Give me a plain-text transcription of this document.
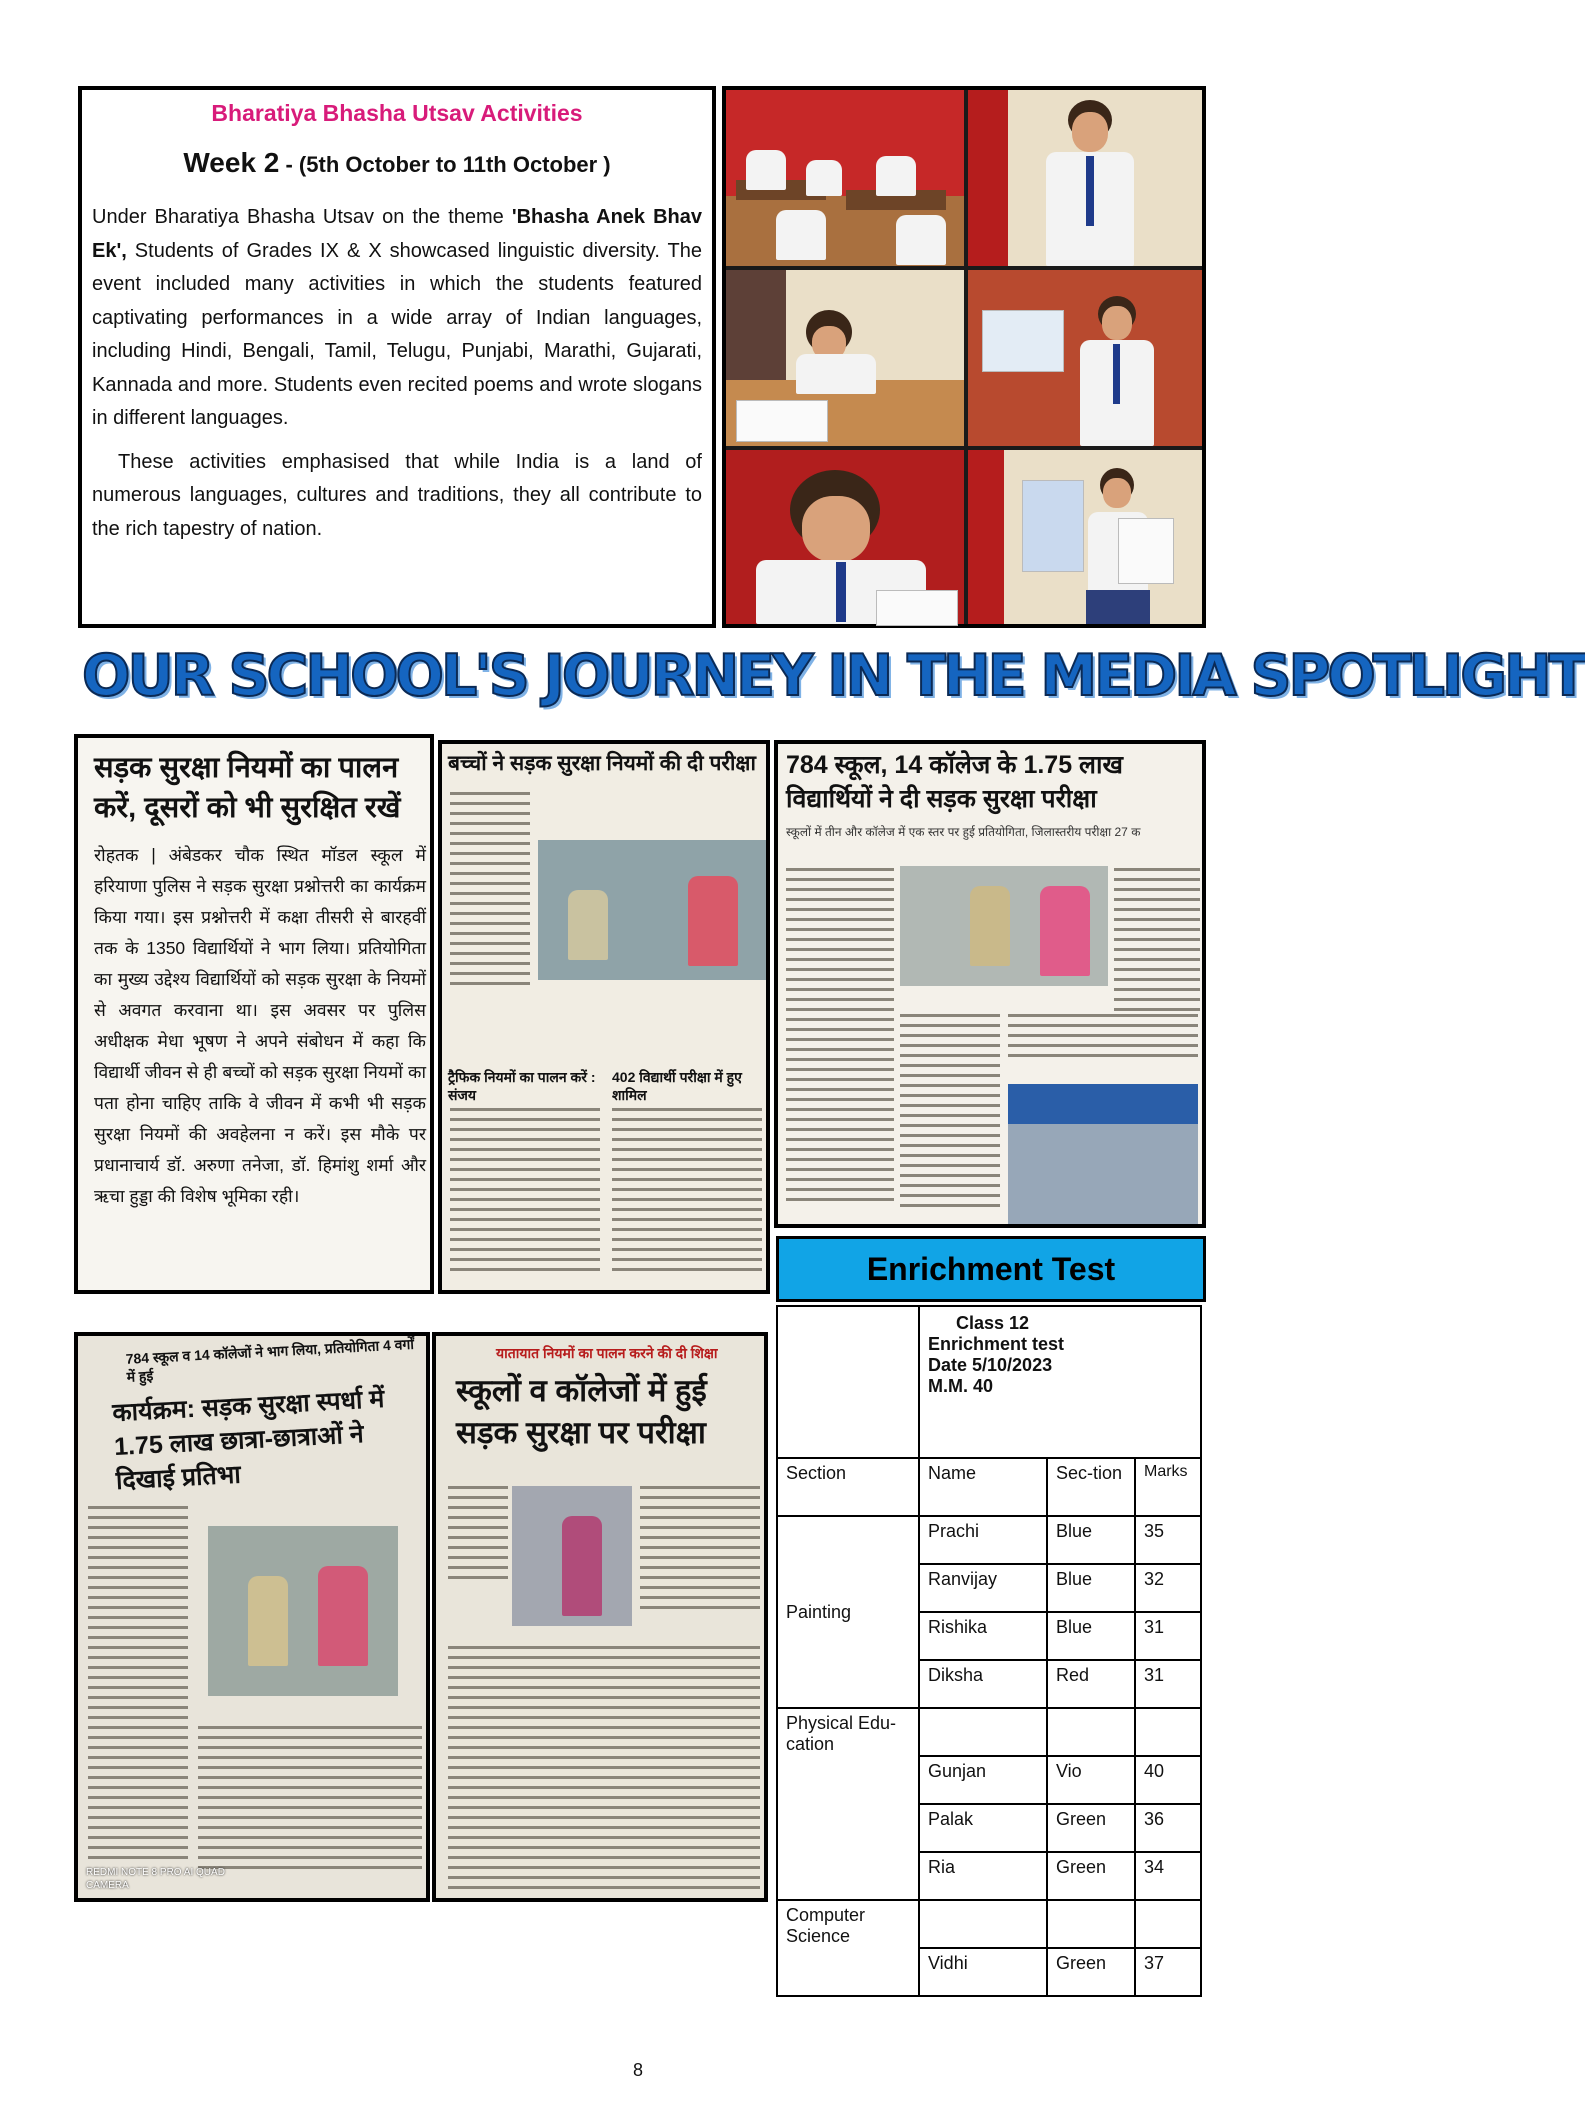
Bharatiya Bhasha Utsav Activities
Week 2 - (5th October to 11th October )

Under Bharatiya Bhasha Utsav on the theme 'Bhasha Anek Bhav Ek', Students of Grades IX & X showcased linguistic diversity. The event included many activities in which the students featured captivating performances in a wide array of Indian languages, including Hindi, Bengali, Tamil, Telugu, Punjabi, Marathi, Gujarati, Kannada and more. Students even recited poems and wrote slogans in different languages.

These activities emphasised that while India is a land of numerous languages, cultures and traditions, they all contribute to the rich tapestry of nation.

OUR SCHOOL'S JOURNEY IN THE MEDIA SPOTLIGHT
सड़क सुरक्षा नियमों का पालन करें, दूसरों को भी सुरक्षित रखें
रोहतक | अंबेडकर चौक स्थित मॉडल स्कूल में हरियाणा पुलिस ने सड़क सुरक्षा प्रश्नोत्तरी का कार्यक्रम किया गया। इस प्रश्नोत्तरी में कक्षा तीसरी से बारहवीं तक के 1350 विद्यार्थियों ने भाग लिया। प्रतियोगिता का मुख्य उद्देश्य विद्यार्थियों को सड़क सुरक्षा के नियमों से अवगत करवाना था। इस अवसर पर पुलिस अधीक्षक मेधा भूषण ने अपने संबोधन में कहा कि विद्यार्थी जीवन से ही बच्चों को सड़क सुरक्षा नियमों का पता होना चाहिए ताकि वे जीवन में कभी भी सड़क सुरक्षा नियमों की अवहेलना न करें। इस मौके पर प्रधानाचार्य डॉ. अरुणा तनेजा, डॉ. हिमांशु शर्मा और ऋचा हुड्डा की विशेष भूमिका रही।
बच्चों ने सड़क सुरक्षा नियमों की दी परीक्षा
ट्रैफिक नियमों का पालन करें : संजय
402 विद्यार्थी परीक्षा में हुए शामिल
784 स्कूल, 14 कॉलेज के 1.75 लाख विद्यार्थियों ने दी सड़क सुरक्षा परीक्षा
स्कूलों में तीन और कॉलेज में एक स्तर पर हुई प्रतियोगिता, जिलास्तरीय परीक्षा 27 क
Enrichment Test

	Class 12
Enrichment test
Date 5/10/2023
M.M. 40		

Section	Name	Sec-tion	Marks
Painting	Prachi	Blue	35
	Ranvijay	Blue	32
	Rishika	Blue	31
	Diksha	Red	31
Physical Edu-cation			
	Gunjan	Vio	40
	Palak	Green	36
	Ria	Green	34
Computer Science			
	Vidhi	Green	37
784 स्कूल व 14 कॉलेजों ने भाग लिया, प्रतियोगिता 4 वर्गों में हुई
कार्यक्रम: सड़क सुरक्षा स्पर्धा में 1.75 लाख छात्रा-छात्राओं ने दिखाई प्रतिभा
REDMI NOTE 8 PRO AI QUAD CAMERA
यातायात नियमों का पालन करने की दी शिक्षा
स्कूलों व कॉलेजों में हुई सड़क सुरक्षा पर परीक्षा
8
